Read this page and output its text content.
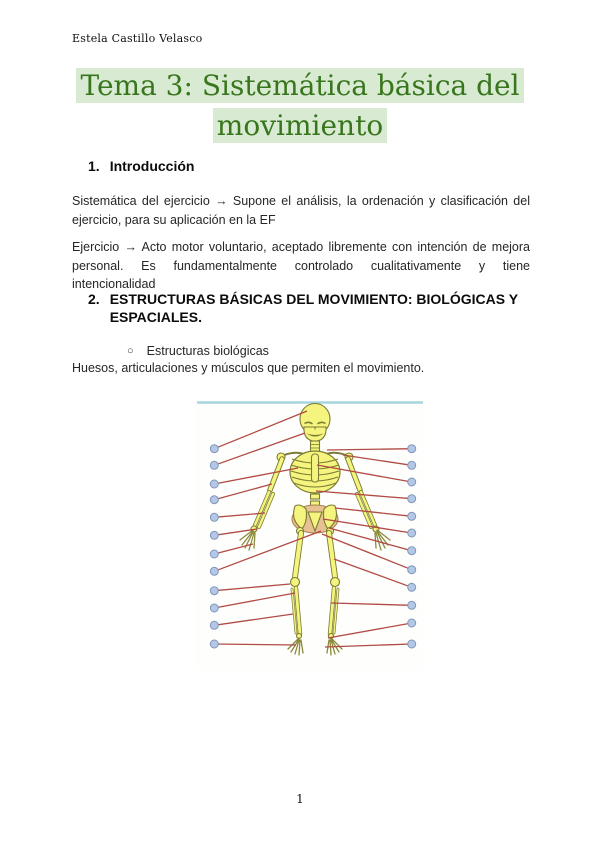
Estela Castillo Velasco
Tema 3: Sistemática básica del
movimiento
1. Introducción

Sistemática del ejercicio → Supone el análisis, la ordenación y clasificación del ejercicio, para su aplicación en la EF

Ejercicio → Acto motor voluntario, aceptado libremente con intención de mejora personal. Es fundamentalmente controlado cualitativamente y tiene intencionalidad

2. ESTRUCTURAS BÁSICAS DEL MOVIMIENTO: BIOLÓGICAS Y ESPACIALES.
○ Estructuras biológicas

Huesos, articulaciones y músculos que permiten el movimiento.

1
